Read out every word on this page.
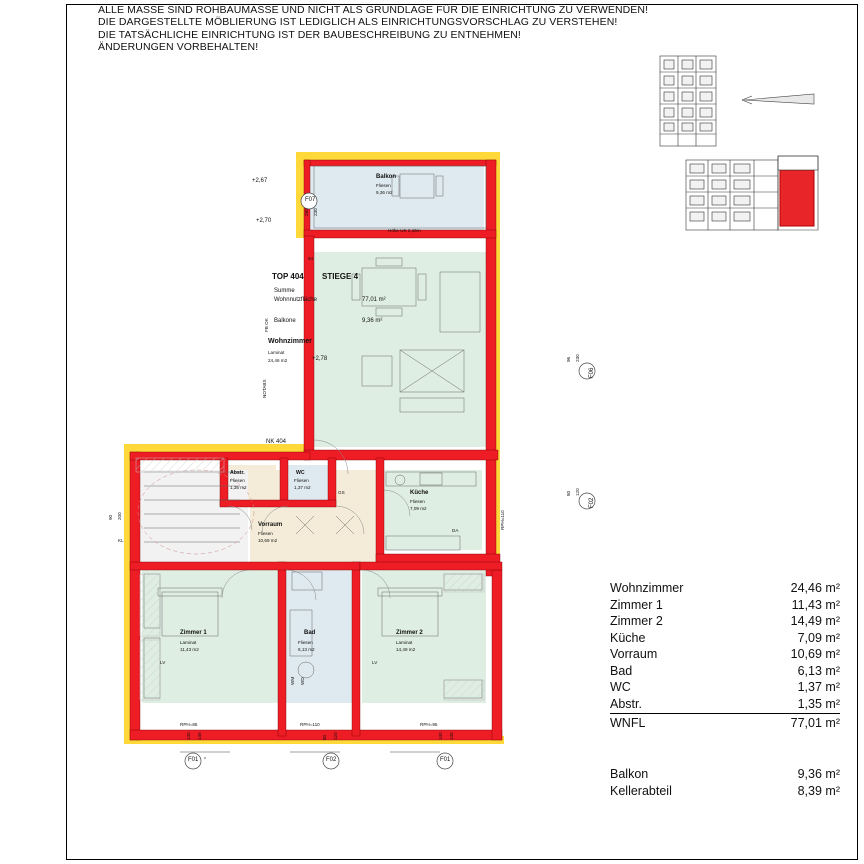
ALLE MASSE SIND ROHBAUMASSE UND NICHT ALS GRUNDLAGE FÜR DIE EINRICHTUNG ZU VERWENDEN!
DIE DARGESTELLTE MÖBLIERUNG IST LEDIGLICH ALS EINRICHTUNGSVORSCHLAG ZU VERSTEHEN!
DIE TATSÄCHLICHE EINRICHTUNG IST DER BAUBESCHREIBUNG ZU ENTNEHMEN!
ÄNDERUNGEN VORBEHALTEN!
Wohnzimmer	24,46 m²
Zimmer 1	11,43 m²
Zimmer 2	14,49 m²
Küche	7,09 m²
Vorraum	10,69 m²
Bad	6,13 m²
WC	1,37 m²
Abstr.	1,35 m²
WNFL	77,01 m²
Balkon	9,36 m²
Kellerabteil	8,39 m²
F07
F06
F02
F01	F02	F01
Balkon
Fliesen
9,36 m2
Höhe UK 2,15m
+2,67
+2,70
TOP 404 STIEGE 4
Summe
Wohnnutzfläche	77,01 m²
Balkone	9,36 m²
NK 404
Wohnzimmer
Laminat
24,46 m2	+2,78
Küche
Fliesen
7,09 m2
Vorraum
Fliesen
10,69 m2
WC
Fliesen
1,37 m2
Abstr.
Fliesen
1,35 m2
Bad
Fliesen
6,13 m2
Zimmer 1
Laminat
11,43 m2
Zimmer 2
Laminat
14,49 m2
280 230
64
96 230
80 120
RPH=110
90 200
140 145	80 120	140 145
RPH=85	RPH=110	RPH=95
NOTABS
FB OK
KL
DA
LV	LV
WD
WM
GS
